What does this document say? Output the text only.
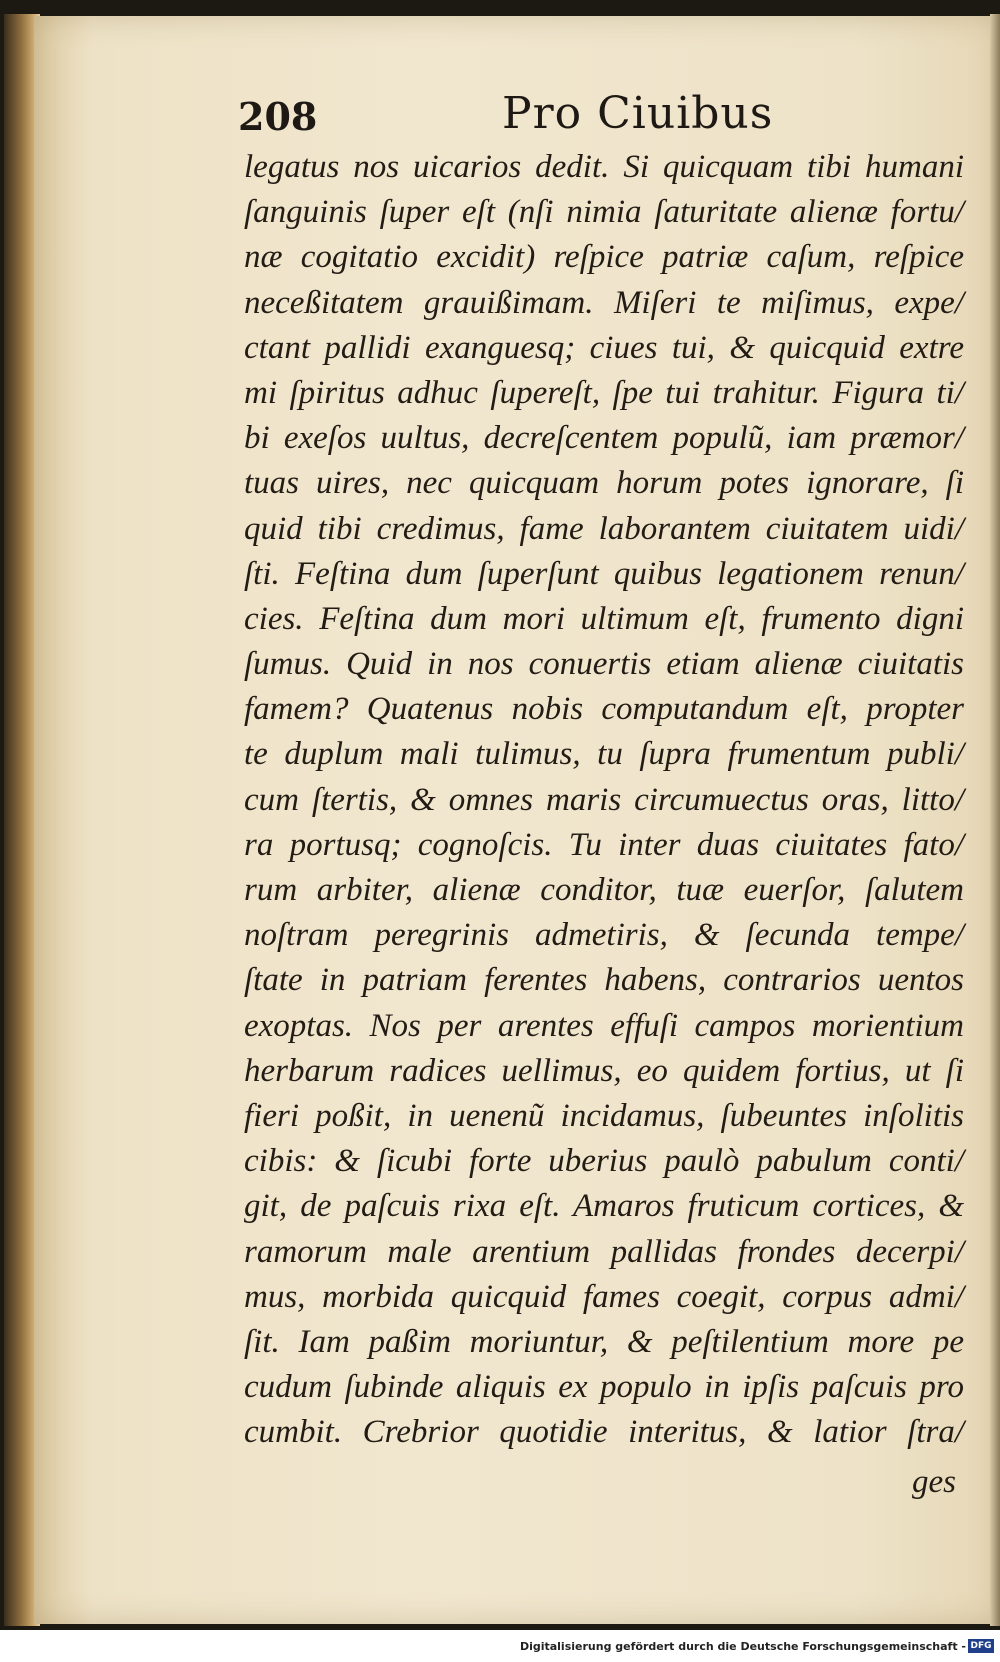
208	Pro Ciuibus
legatus nos uicarios dedit. Si quicquam tibi humani
ſanguinis ſuper eſt (nſi nimia ſaturitate alienæ fortu/
næ cogitatio excidit) reſpice patriæ caſum, reſpice
neceßitatem grauißimam. Miſeri te miſimus, expe/
ctant pallidi exanguesq; ciues tui, & quicquid extre
mi ſpiritus adhuc ſupereſt, ſpe tui trahitur. Figura ti/
bi exeſos uultus, decreſcentem populũ, iam præmor/
tuas uires, nec quicquam horum potes ignorare, ſi
quid tibi credimus, fame laborantem ciuitatem uidi/
ſti. Feſtina dum ſuperſunt quibus legationem renun/
cies. Feſtina dum mori ultimum eſt, frumento digni
ſumus. Quid in nos conuertis etiam alienæ ciuitatis
famem? Quatenus nobis computandum eſt, propter
te duplum mali tulimus, tu ſupra frumentum publi/
cum ſtertis, & omnes maris circumuectus oras, litto/
ra portusq; cognoſcis. Tu inter duas ciuitates fato/
rum arbiter, alienæ conditor, tuæ euerſor, ſalutem
noſtram peregrinis admetiris, & ſecunda tempe/
ſtate in patriam ferentes habens, contrarios uentos
exoptas. Nos per arentes effuſi campos morientium
herbarum radices uellimus, eo quidem fortius, ut ſi
fieri poßit, in uenenũ incidamus, ſubeuntes inſolitis
cibis: & ſicubi forte uberius paulò pabulum conti/
git, de paſcuis rixa eſt. Amaros fruticum cortices, &
ramorum male arentium pallidas frondes decerpi/
mus, morbida quicquid fames coegit, corpus admi/
ſit. Iam paßim moriuntur, & peſtilentium more pe
cudum ſubinde aliquis ex populo in ipſis paſcuis pro
cumbit. Crebrior quotidie interitus, & latior ſtra/
ges
Digitalisierung gefördert durch die Deutsche Forschungsgemeinschaft - DFG
